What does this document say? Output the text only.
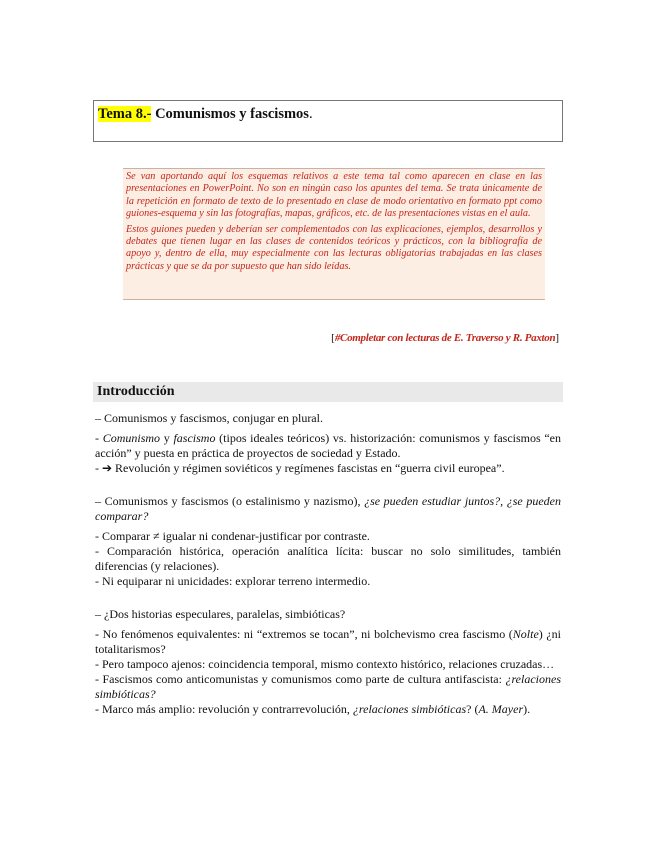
Tema 8.- Comunismos y fascismos.

Se van aportando aquí los esquemas relativos a este tema tal como aparecen en clase en las presentaciones en PowerPoint. No son en ningún caso los apuntes del tema. Se trata únicamente de la repetición en formato de texto de lo presentado en clase de modo orientativo en formato ppt como guiones-esquema y sin las fotografías, mapas, gráficos, etc. de las presentaciones vistas en el aula.

Estos guiones pueden y deberían ser complementados con las explicaciones, ejemplos, desarrollos y debates que tienen lugar en las clases de contenidos teóricos y prácticos, con la bibliografía de apoyo y, dentro de ella, muy especialmente con las lecturas obligatorias trabajadas en las clases prácticas y que se da por supuesto que han sido leídas.

[#Completar con lecturas de E. Traverso y R. Paxton]
Introducción

– Comunismos y fascismos, conjugar en plural.

- Comunismo y fascismo (tipos ideales teóricos) vs. historización: comunismos y fascismos “en acción” y puesta en práctica de proyectos de sociedad y Estado.

- ➔ Revolución y régimen soviéticos y regímenes fascistas en “guerra civil europea”.

– Comunismos y fascismos (o estalinismo y nazismo), ¿se pueden estudiar juntos?, ¿se pueden comparar?

- Comparar ≠ igualar ni condenar-justificar por contraste.

- Comparación histórica, operación analítica lícita: buscar no solo similitudes, también diferencias (y relaciones).

- Ni equiparar ni unicidades: explorar terreno intermedio.

– ¿Dos historias especulares, paralelas, simbióticas?

- No fenómenos equivalentes: ni “extremos se tocan”, ni bolchevismo crea fascismo (Nolte) ¿ni totalitarismos?

- Pero tampoco ajenos: coincidencia temporal, mismo contexto histórico, relaciones cruzadas…

- Fascismos como anticomunistas y comunismos como parte de cultura antifascista: ¿relaciones simbióticas?

- Marco más amplio: revolución y contrarrevolución, ¿relaciones simbióticas? (A. Mayer).
